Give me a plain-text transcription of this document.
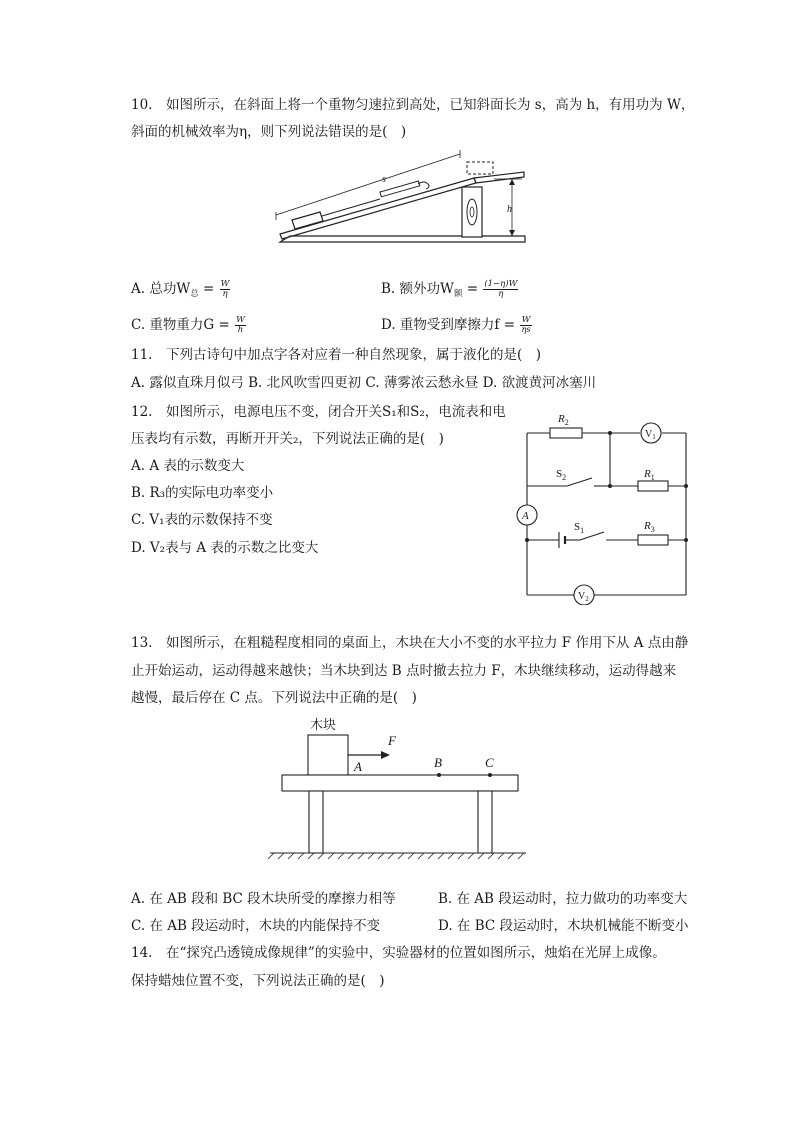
10.　如图所示，在斜面上将一个重物匀速拉到高处，已知斜面长为 s，高为 h，有用功为 W，
斜面的机械效率为η，则下列说法错误的是(　)
s
h
A. 总功$W_总 = \frac{W}{\eta}$	B. 额外功$W_额 = \frac{(1-\eta)W}{\eta}$
C. 重物重力$G = \frac{W}{h}$	D. 重物受到摩擦力$f = \frac{W}{\eta s}$
11.　下列古诗句中加点字各对应着一种自然现象，属于液化的是(　)
A. 露似直珠月似弓 B. 北风吹雪四更初 C. 薄雾浓云愁永昼 D. 欲渡黄河冰塞川
12.　如图所示，电源电压不变，闭合开关S₁和S₂，电流表和电
压表均有示数，再断开开关₂，下列说法正确的是(　)
A. A 表的示数变大
B. R₃的实际电功率变小
C. V₁表的示数保持不变
D. V₂表与 A 表的示数之比变大
$R_2$
$R_1$
$R_3$
$S_2$
$S_1$
A
$V_1$
$V_2$
13.　如图所示，在粗糙程度相同的桌面上，木块在大小不变的水平拉力 F 作用下从 A 点由静
止开始运动，运动得越来越快；当木块到达 B 点时撤去拉力 F，木块继续移动，运动得越来
越慢，最后停在 C 点。下列说法中正确的是(　)
木块
F
A	B	C
A. 在 AB 段和 BC 段木块所受的摩擦力相等	B. 在 AB 段运动时，拉力做功的功率变大
C. 在 AB 段运动时，木块的内能保持不变	D. 在 BC 段运动时，木块机械能不断变小
14.　在“探究凸透镜成像规律”的实验中，实验器材的位置如图所示，烛焰在光屏上成像。
保持蜡烛位置不变，下列说法正确的是(　)
